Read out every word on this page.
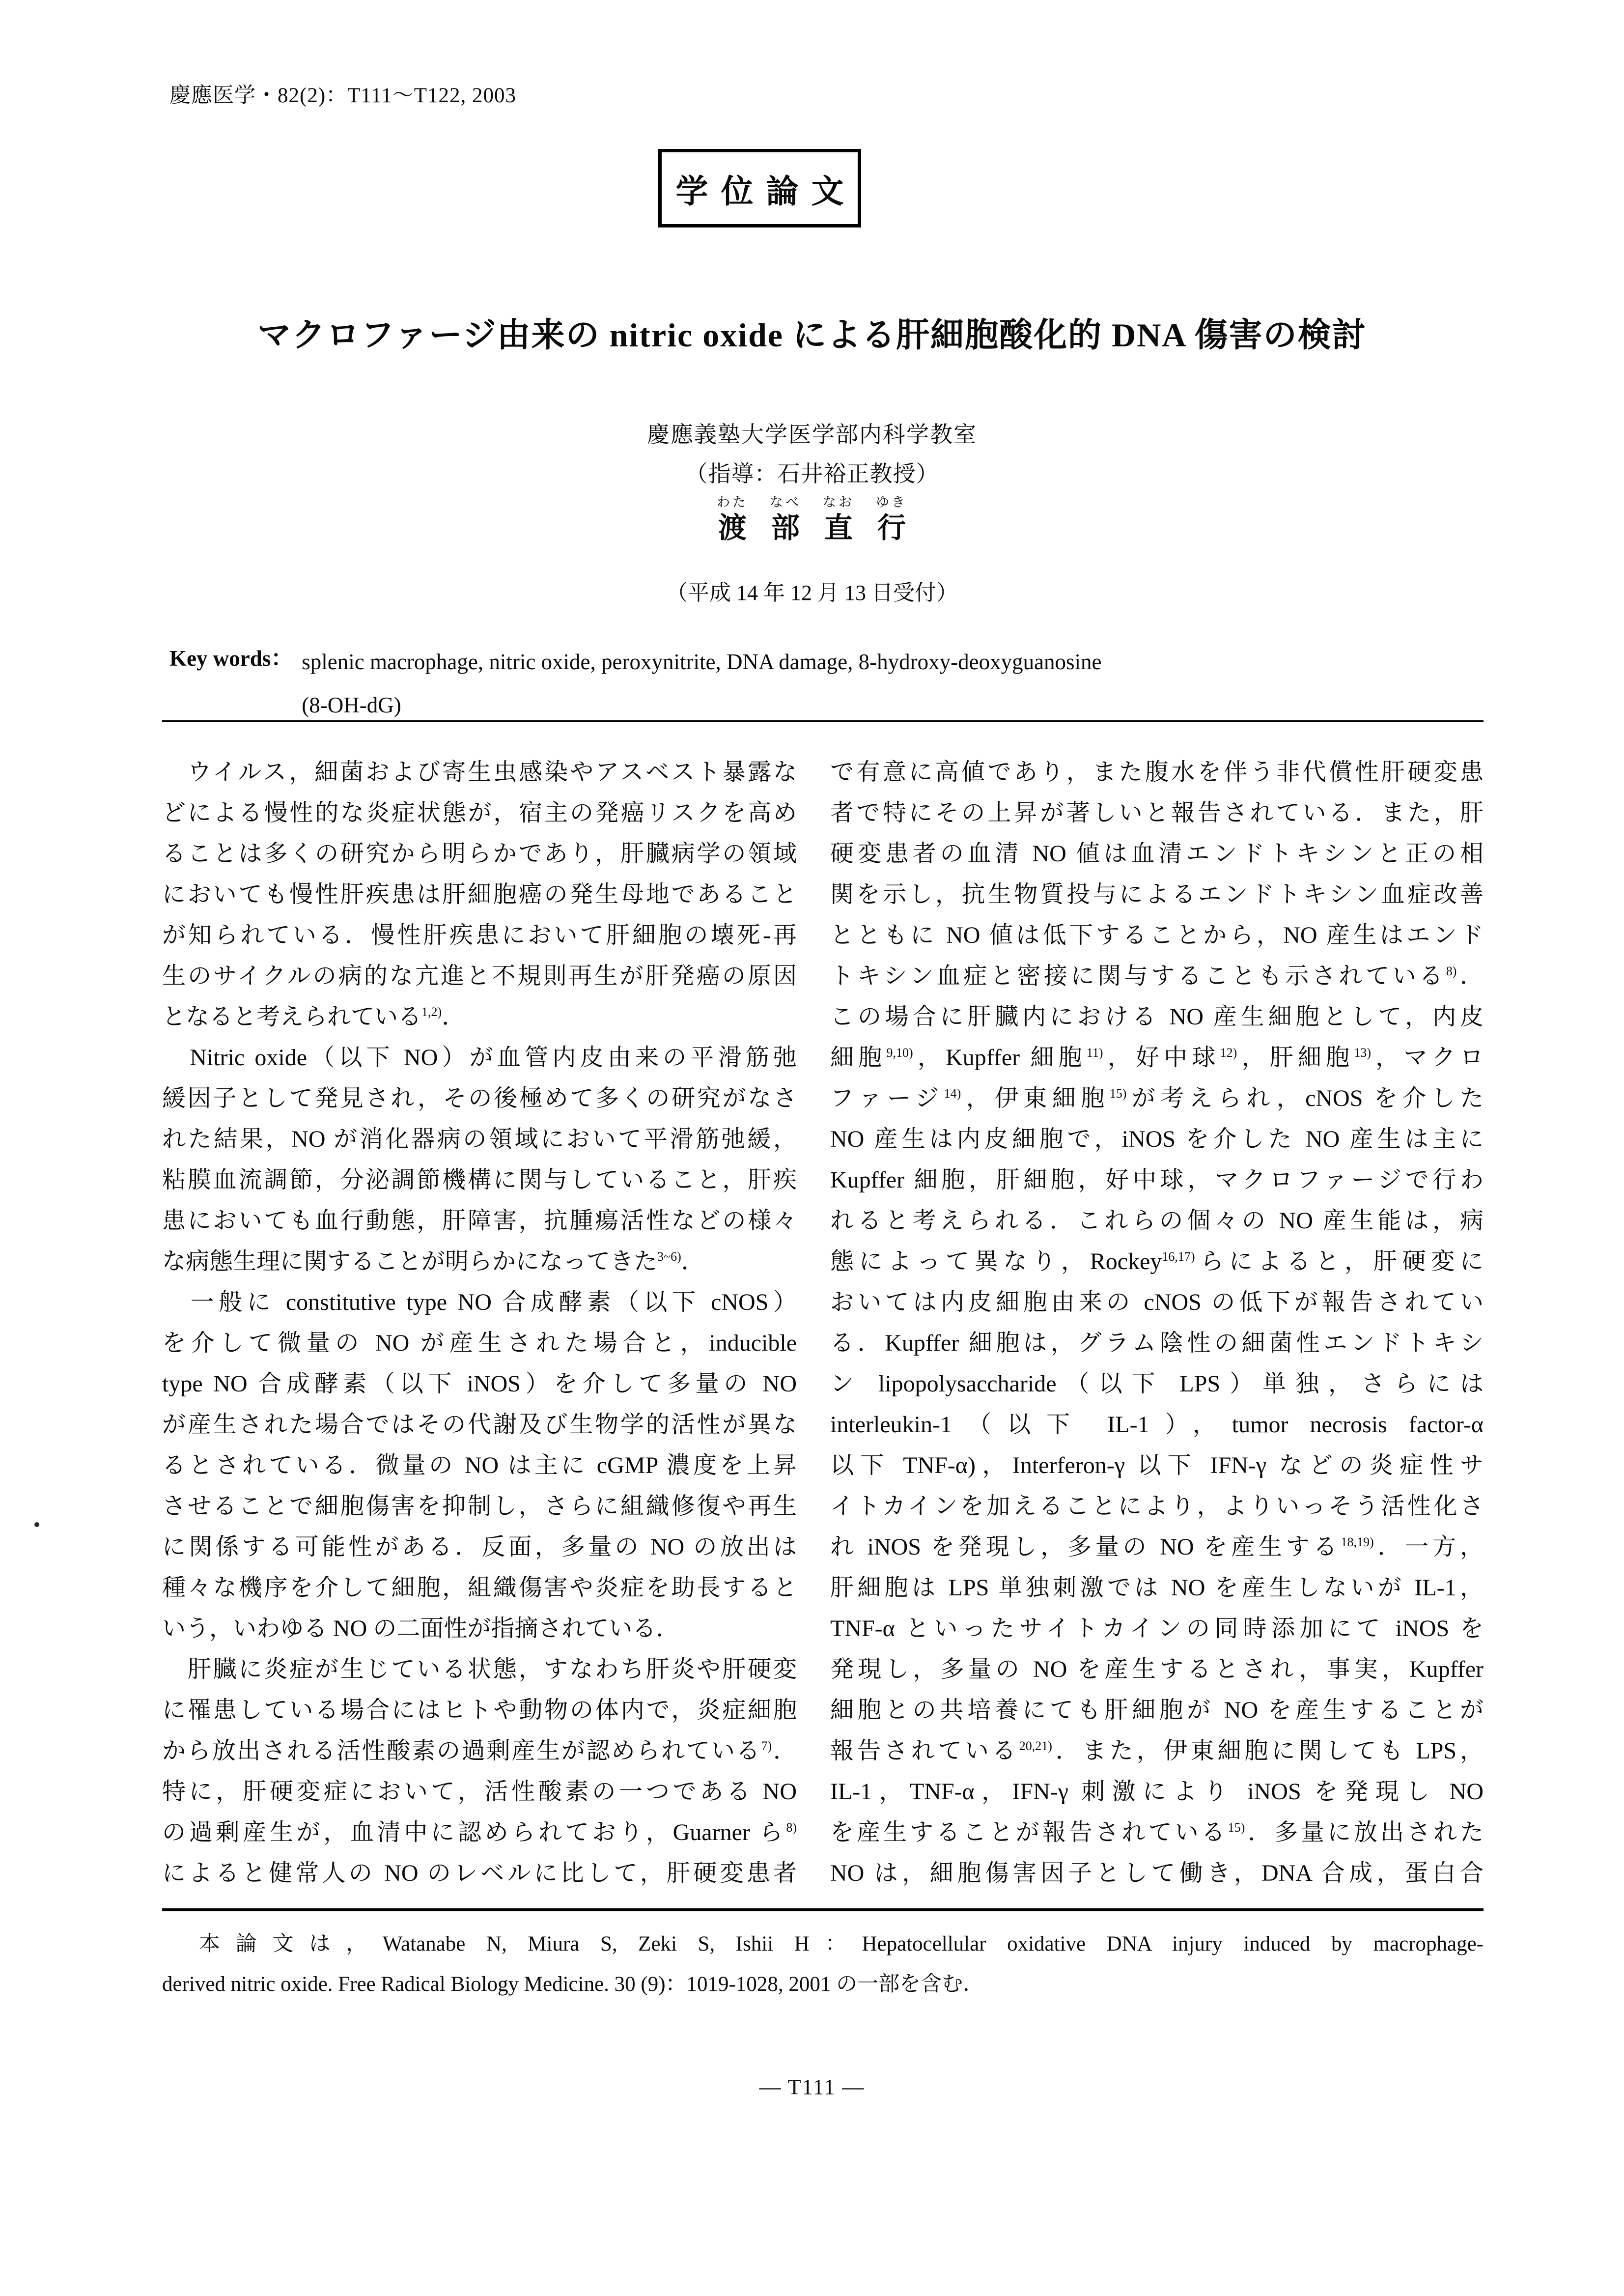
慶應医学・82(2)：T111～T122, 2003
学位論文
マクロファージ由来の nitric oxide による肝細胞酸化的 DNA 傷害の検討
慶應義塾大学医学部内科学教室
（指導：石井裕正教授）
わた
渡
なべ
部
なお
直
ゆき
行
（平成 14 年 12 月 13 日受付）
Key words： splenic macrophage, nitric oxide, peroxynitrite, DNA damage, 8-hydroxy-deoxyguanosine
(8-OH-dG)
　ウイルス，細菌および寄生虫感染やアスベスト暴露な
どによる慢性的な炎症状態が，宿主の発癌リスクを高め
ることは多くの研究から明らかであり，肝臓病学の領域
においても慢性肝疾患は肝細胞癌の発生母地であること
が知られている．慢性肝疾患において肝細胞の壊死-再
生のサイクルの病的な亢進と不規則再生が肝発癌の原因
となると考えられている$^{1,2)}$．
　Nitric oxide（以下 NO）が血管内皮由来の平滑筋弛
緩因子として発見され，その後極めて多くの研究がなさ
れた結果，NO が消化器病の領域において平滑筋弛緩，
粘膜血流調節，分泌調節機構に関与していること，肝疾
患においても血行動態，肝障害，抗腫瘍活性などの様々
な病態生理に関することが明らかになってきた$^{3\sim 6)}$．
　一般に constitutive type NO 合成酵素（以下 cNOS）
を介して微量の NO が産生された場合と，inducible
type NO 合成酵素（以下 iNOS）を介して多量の NO
が産生された場合ではその代謝及び生物学的活性が異な
るとされている．微量の NO は主に cGMP 濃度を上昇
させることで細胞傷害を抑制し，さらに組織修復や再生
に関係する可能性がある．反面，多量の NO の放出は
種々な機序を介して細胞，組織傷害や炎症を助長すると
いう，いわゆる NO の二面性が指摘されている．
　肝臓に炎症が生じている状態，すなわち肝炎や肝硬変
に罹患している場合にはヒトや動物の体内で，炎症細胞
から放出される活性酸素の過剰産生が認められている$^{7)}$．
特に，肝硬変症において，活性酸素の一つである NO
の過剰産生が，血清中に認められており，Guarner ら$^{8)}$
によると健常人の NO のレベルに比して，肝硬変患者
で有意に高値であり，また腹水を伴う非代償性肝硬変患
者で特にその上昇が著しいと報告されている．また，肝
硬変患者の血清 NO 値は血清エンドトキシンと正の相
関を示し，抗生物質投与によるエンドトキシン血症改善
とともに NO 値は低下することから，NO 産生はエンド
トキシン血症と密接に関与することも示されている$^{8)}$．
この場合に肝臓内における NO 産生細胞として，内皮
細胞$^{9,10)}$，Kupffer 細胞$^{11)}$，好中球$^{12)}$，肝細胞$^{13)}$，マクロ
ファージ$^{14)}$，伊東細胞$^{15)}$が考えられ，cNOS を介した
NO 産生は内皮細胞で，iNOS を介した NO 産生は主に
Kupffer 細胞，肝細胞，好中球，マクロファージで行わ
れると考えられる．これらの個々の NO 産生能は，病
態によって異なり，Rockey$^{16,17)}$らによると，肝硬変に
おいては内皮細胞由来の cNOS の低下が報告されてい
る．Kupffer 細胞は，グラム陰性の細菌性エンドトキシ
ン lipopolysaccharide（以下 LPS）単独，さらには
interleukin-1（以下 IL-1），tumor necrosis factor-α
以下 TNF-α)，Interferon-γ 以下 IFN-γ などの炎症性サ
イトカインを加えることにより，よりいっそう活性化さ
れ iNOS を発現し，多量の NO を産生する$^{18,19)}$．一方，
肝細胞は LPS 単独刺激では NO を産生しないが IL-1，
TNF-α といったサイトカインの同時添加にて iNOS を
発現し，多量の NO を産生するとされ，事実，Kupffer
細胞との共培養にても肝細胞が NO を産生することが
報告されている$^{20,21)}$．また，伊東細胞に関しても LPS，
IL-1，TNF-α，IFN-γ 刺激により iNOS を発現し NO
を産生することが報告されている$^{15)}$．多量に放出された
NO は，細胞傷害因子として働き，DNA 合成，蛋白合
　本論文は，Watanabe N, Miura S, Zeki S, Ishii H：Hepatocellular oxidative DNA injury induced by macrophage-
derived nitric oxide. Free Radical Biology Medicine. 30 (9)：1019-1028, 2001 の一部を含む．
— T111 —
